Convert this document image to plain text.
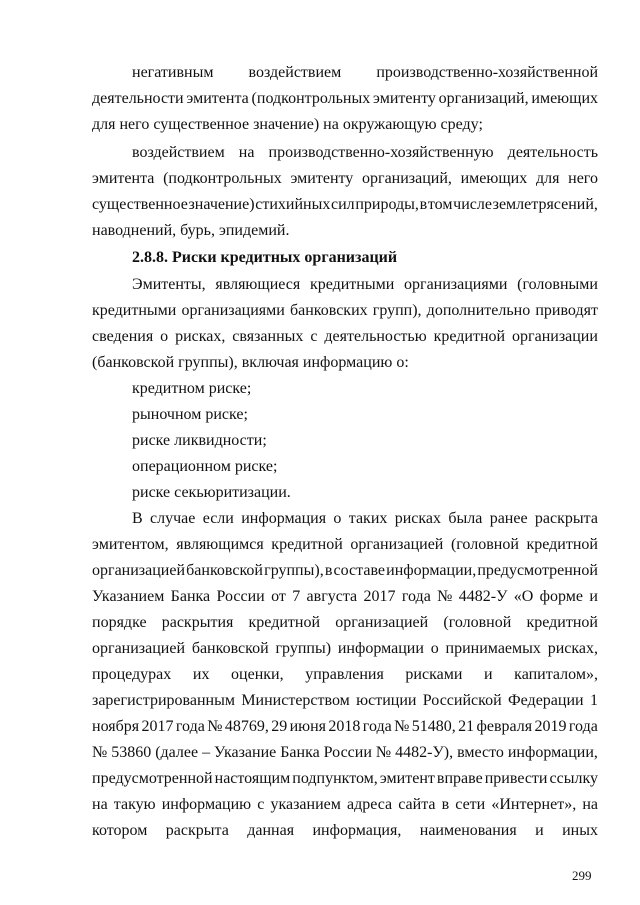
негативным воздействием производственно-хозяйственной
деятельности эмитента (подконтрольных эмитенту организаций, имеющих
для него существенное значение) на окружающую среду;
воздействием на производственно-хозяйственную деятельность
эмитента (подконтрольных эмитенту организаций, имеющих для него
существенное значение) стихийных сил природы, в том числе землетрясений,
наводнений, бурь, эпидемий.
2.8.8. Риски кредитных организаций
Эмитенты, являющиеся кредитными организациями (головными
кредитными организациями банковских групп), дополнительно приводят
сведения о рисках, связанных с деятельностью кредитной организации
(банковской группы), включая информацию о:
кредитном риске;
рыночном риске;
риске ликвидности;
операционном риске;
риске секьюритизации.
В случае если информация о таких рисках была ранее раскрыта
эмитентом, являющимся кредитной организацией (головной кредитной
организацией банковской группы), в составе информации, предусмотренной
Указанием Банка России от 7 августа 2017 года № 4482-У «О форме и
порядке раскрытия кредитной организацией (головной кредитной
организацией банковской группы) информации о принимаемых рисках,
процедурах их оценки, управления рисками и капиталом»,
зарегистрированным Министерством юстиции Российской Федерации 1
ноября 2017 года № 48769, 29 июня 2018 года № 51480, 21 февраля 2019 года
№ 53860 (далее – Указание Банка России № 4482-У), вместо информации,
предусмотренной настоящим подпунктом, эмитент вправе привести ссылку
на такую информацию с указанием адреса сайта в сети «Интернет», на
котором раскрыта данная информация, наименования и иных
299
